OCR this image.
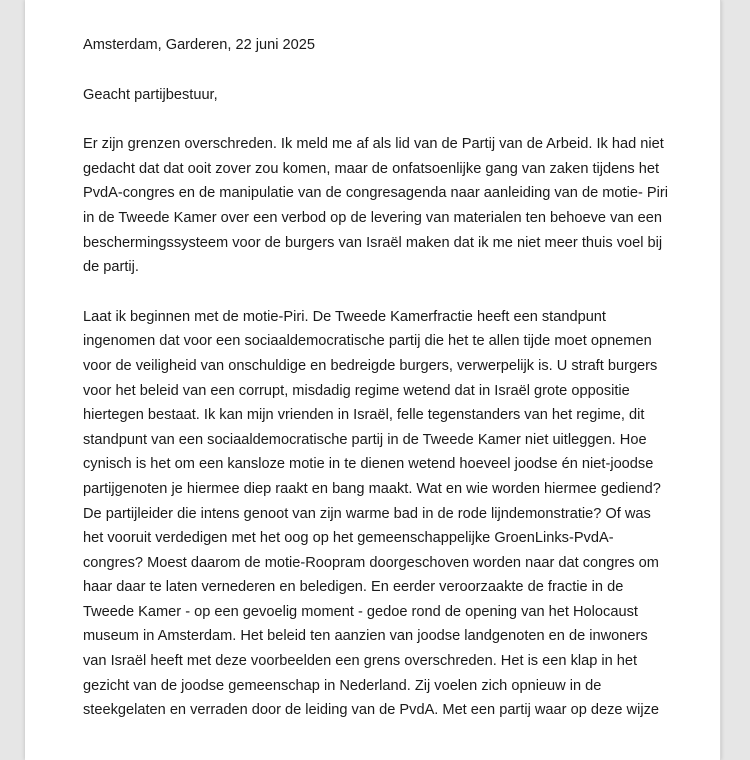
Amsterdam, Garderen, 22 juni 2025
Geacht partijbestuur,
Er zijn grenzen overschreden. Ik meld me af als lid van de Partij van de Arbeid. Ik had niet
gedacht dat dat ooit zover zou komen, maar de onfatsoenlijke gang van zaken tijdens het
PvdA-congres en de manipulatie van de congresagenda naar aanleiding van de motie- Piri
in de Tweede Kamer over een verbod op de levering van materialen ten behoeve van een
beschermingssysteem voor de burgers van Israël maken dat ik me niet meer thuis voel bij
de partij.
Laat ik beginnen met de motie-Piri. De Tweede Kamerfractie heeft een standpunt
ingenomen dat voor een sociaaldemocratische partij die het te allen tijde moet opnemen
voor de veiligheid van onschuldige en bedreigde burgers, verwerpelijk is. U straft burgers
voor het beleid van een corrupt, misdadig regime wetend dat in Israël grote oppositie
hiertegen bestaat. Ik kan mijn vrienden in Israël, felle tegenstanders van het regime, dit
standpunt van een sociaaldemocratische partij in de Tweede Kamer niet uitleggen. Hoe
cynisch is het om een kansloze motie in te dienen wetend hoeveel joodse én niet-joodse
partijgenoten je hiermee diep raakt en bang maakt. Wat en wie worden hiermee gediend?
De partijleider die intens genoot van zijn warme bad in de rode lijndemonstratie? Of was
het vooruit verdedigen met het oog op het gemeenschappelijke GroenLinks-PvdA-
congres? Moest daarom de motie-Roopram doorgeschoven worden naar dat congres om
haar daar te laten vernederen en beledigen. En eerder veroorzaakte de fractie in de
Tweede Kamer - op een gevoelig moment - gedoe rond de opening van het Holocaust
museum in Amsterdam. Het beleid ten aanzien van joodse landgenoten en de inwoners
van Israël heeft met deze voorbeelden een grens overschreden. Het is een klap in het
gezicht van de joodse gemeenschap in Nederland. Zij voelen zich opnieuw in de
steekgelaten en verraden door de leiding van de PvdA. Met een partij waar op deze wijze
